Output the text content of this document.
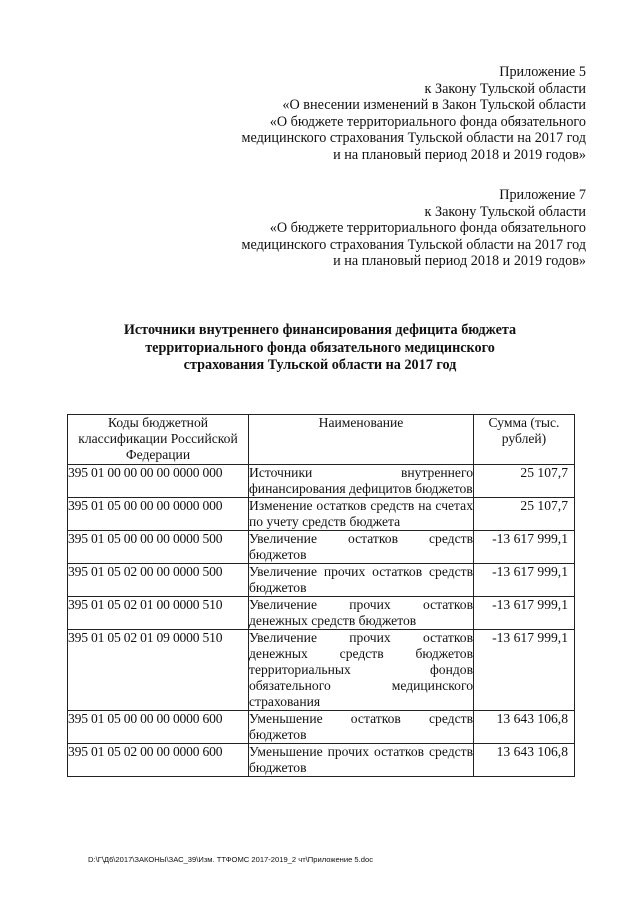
Приложение 5
к Закону Тульской области
«О внесении изменений в Закон Тульской области
«О бюджете территориального фонда обязательного
медицинского страхования Тульской области на 2017 год
и на плановый период 2018 и 2019 годов»
Приложение 7
к Закону Тульской области
«О бюджете территориального фонда обязательного
медицинского страхования Тульской области на 2017 год
и на плановый период 2018 и 2019 годов»
Источники внутреннего финансирования дефицита бюджета
территориального фонда обязательного медицинского
страхования Тульской области на 2017 год
Коды бюджетной классификации Российской Федерации	Наименование	Сумма (тыс. рублей)
395 01 00 00 00 00 0000 000	Источники внутреннего финансирования дефицитов бюджетов	25 107,7
395 01 05 00 00 00 0000 000	Изменение остатков средств на счетах по учету средств бюджета	25 107,7
395 01 05 00 00 00 0000 500	Увеличение остатков средств бюджетов	-13 617 999,1
395 01 05 02 00 00 0000 500	Увеличение прочих остатков средств бюджетов	-13 617 999,1
395 01 05 02 01 00 0000 510	Увеличение прочих остатков денежных средств бюджетов	-13 617 999,1
395 01 05 02 01 09 0000 510	Увеличение прочих остатков денежных средств бюджетов территориальных фондов обязательного медицинского страхования	-13 617 999,1
395 01 05 00 00 00 0000 600	Уменьшение остатков средств бюджетов	13 643 106,8
395 01 05 02 00 00 0000 600	Уменьшение прочих остатков средств бюджетов	13 643 106,8
D:\Г\Д6\2017\ЗАКОНЫ\ЗАС_39\Изм. ТТФОМС 2017-2019_2 чт\Приложение 5.doc
